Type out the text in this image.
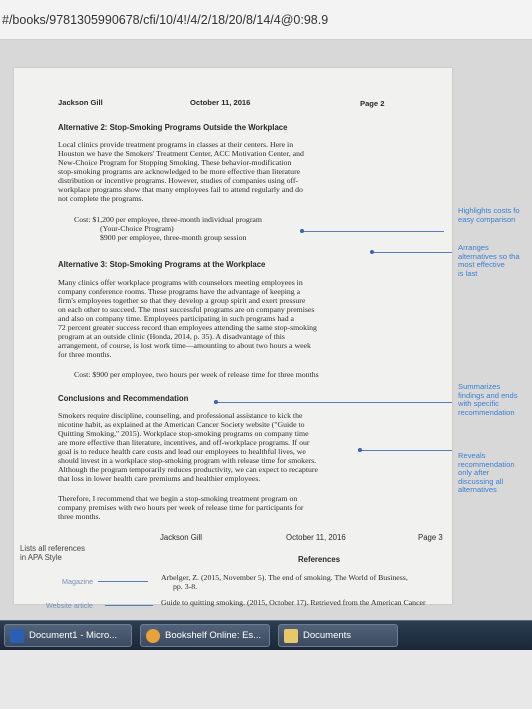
#/books/9781305990678/cfi/10/4!/4/2/18/20/8/14/4@0:98.9
Jackson Gill	October 11, 2016	Page 2
Alternative 2: Stop-Smoking Programs Outside the Workplace
Local clinics provide treatment programs in classes at their centers. Here in
Houston we have the Smokers' Treatment Center, ACC Motivation Center, and
New-Choice Program for Stopping Smoking. These behavior-modification
stop-smoking programs are acknowledged to be more effective than literature
distribution or incentive programs. However, studies of companies using off-
workplace programs show that many employees fail to attend regularly and do
not complete the programs.
Cost: $1,200 per employee, three-month individual program
(Your-Choice Program)
$900 per employee, three-month group session
Alternative 3: Stop-Smoking Programs at the Workplace
Many clinics offer workplace programs with counselors meeting employees in
company conference rooms. These programs have the advantage of keeping a
firm's employees together so that they develop a group spirit and exert pressure
on each other to succeed. The most successful programs are on company premises
and also on company time. Employees participating in such programs had a
72 percent greater success record than employees attending the same stop-smoking
program at an outside clinic (Honda, 2014, p. 35). A disadvantage of this
arrangement, of course, is lost work time—amounting to about two hours a week
for three months.
Cost: $900 per employee, two hours per week of release time for three months
Conclusions and Recommendation
Smokers require discipline, counseling, and professional assistance to kick the
nicotine habit, as explained at the American Cancer Society website ("Guide to
Quitting Smoking," 2015). Workplace stop-smoking programs on company time
are more effective than literature, incentives, and off-workplace programs. If our
goal is to reduce health care costs and lead our employees to healthful lives, we
should invest in a workplace stop-smoking program with release time for smokers.
Although the program temporarily reduces productivity, we can expect to recapture
that loss in lower health care premiums and healthier employees.
Therefore, I recommend that we begin a stop-smoking treatment program on
company premises with two hours per week of release time for participants for
three months.
Jackson Gill	October 11, 2016	Page 3
References
Arbelger, Z. (2015, November 5). The end of smoking. The World of Business,
pp. 3-8.
Guide to quitting smoking. (2015, October 17). Retrieved from the American Cancer
Highlights costs fo
easy comparison
Arranges
alternatives so tha
most effective
is last
Summarizes
findings and ends
with specific
recommendation
Reveals
recommendation
only after
discussing all
alternatives
Lists all references
in APA Style
Magazine
Website article
Document1 - Micro...	Bookshelf Online: Es...	Documents
